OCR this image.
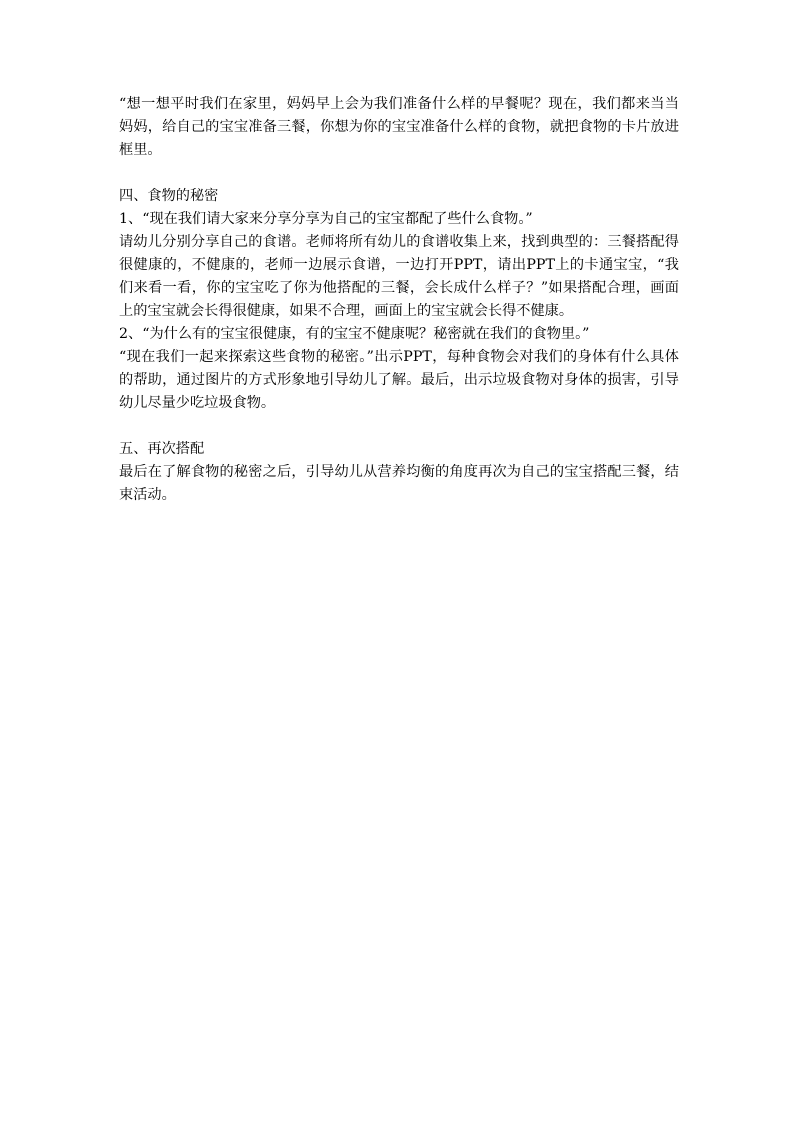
“想一想平时我们在家里，妈妈早上会为我们准备什么样的早餐呢？现在，我们都来当当妈妈，给自己的宝宝准备三餐，你想为你的宝宝准备什么样的食物，就把食物的卡片放进框里。

四、食物的秘密

1、“现在我们请大家来分享分享为自己的宝宝都配了些什么食物。”

请幼儿分别分享自己的食谱。老师将所有幼儿的食谱收集上来，找到典型的：三餐搭配得很健康的，不健康的，老师一边展示食谱，一边打开PPT，请出PPT上的卡通宝宝，“我们来看一看，你的宝宝吃了你为他搭配的三餐，会长成什么样子？”如果搭配合理，画面上的宝宝就会长得很健康，如果不合理，画面上的宝宝就会长得不健康。

2、“为什么有的宝宝很健康，有的宝宝不健康呢？秘密就在我们的食物里。”

“现在我们一起来探索这些食物的秘密。”出示PPT，每种食物会对我们的身体有什么具体的帮助，通过图片的方式形象地引导幼儿了解。最后，出示垃圾食物对身体的损害，引导幼儿尽量少吃垃圾食物。

五、再次搭配

最后在了解食物的秘密之后，引导幼儿从营养均衡的角度再次为自己的宝宝搭配三餐，结束活动。
